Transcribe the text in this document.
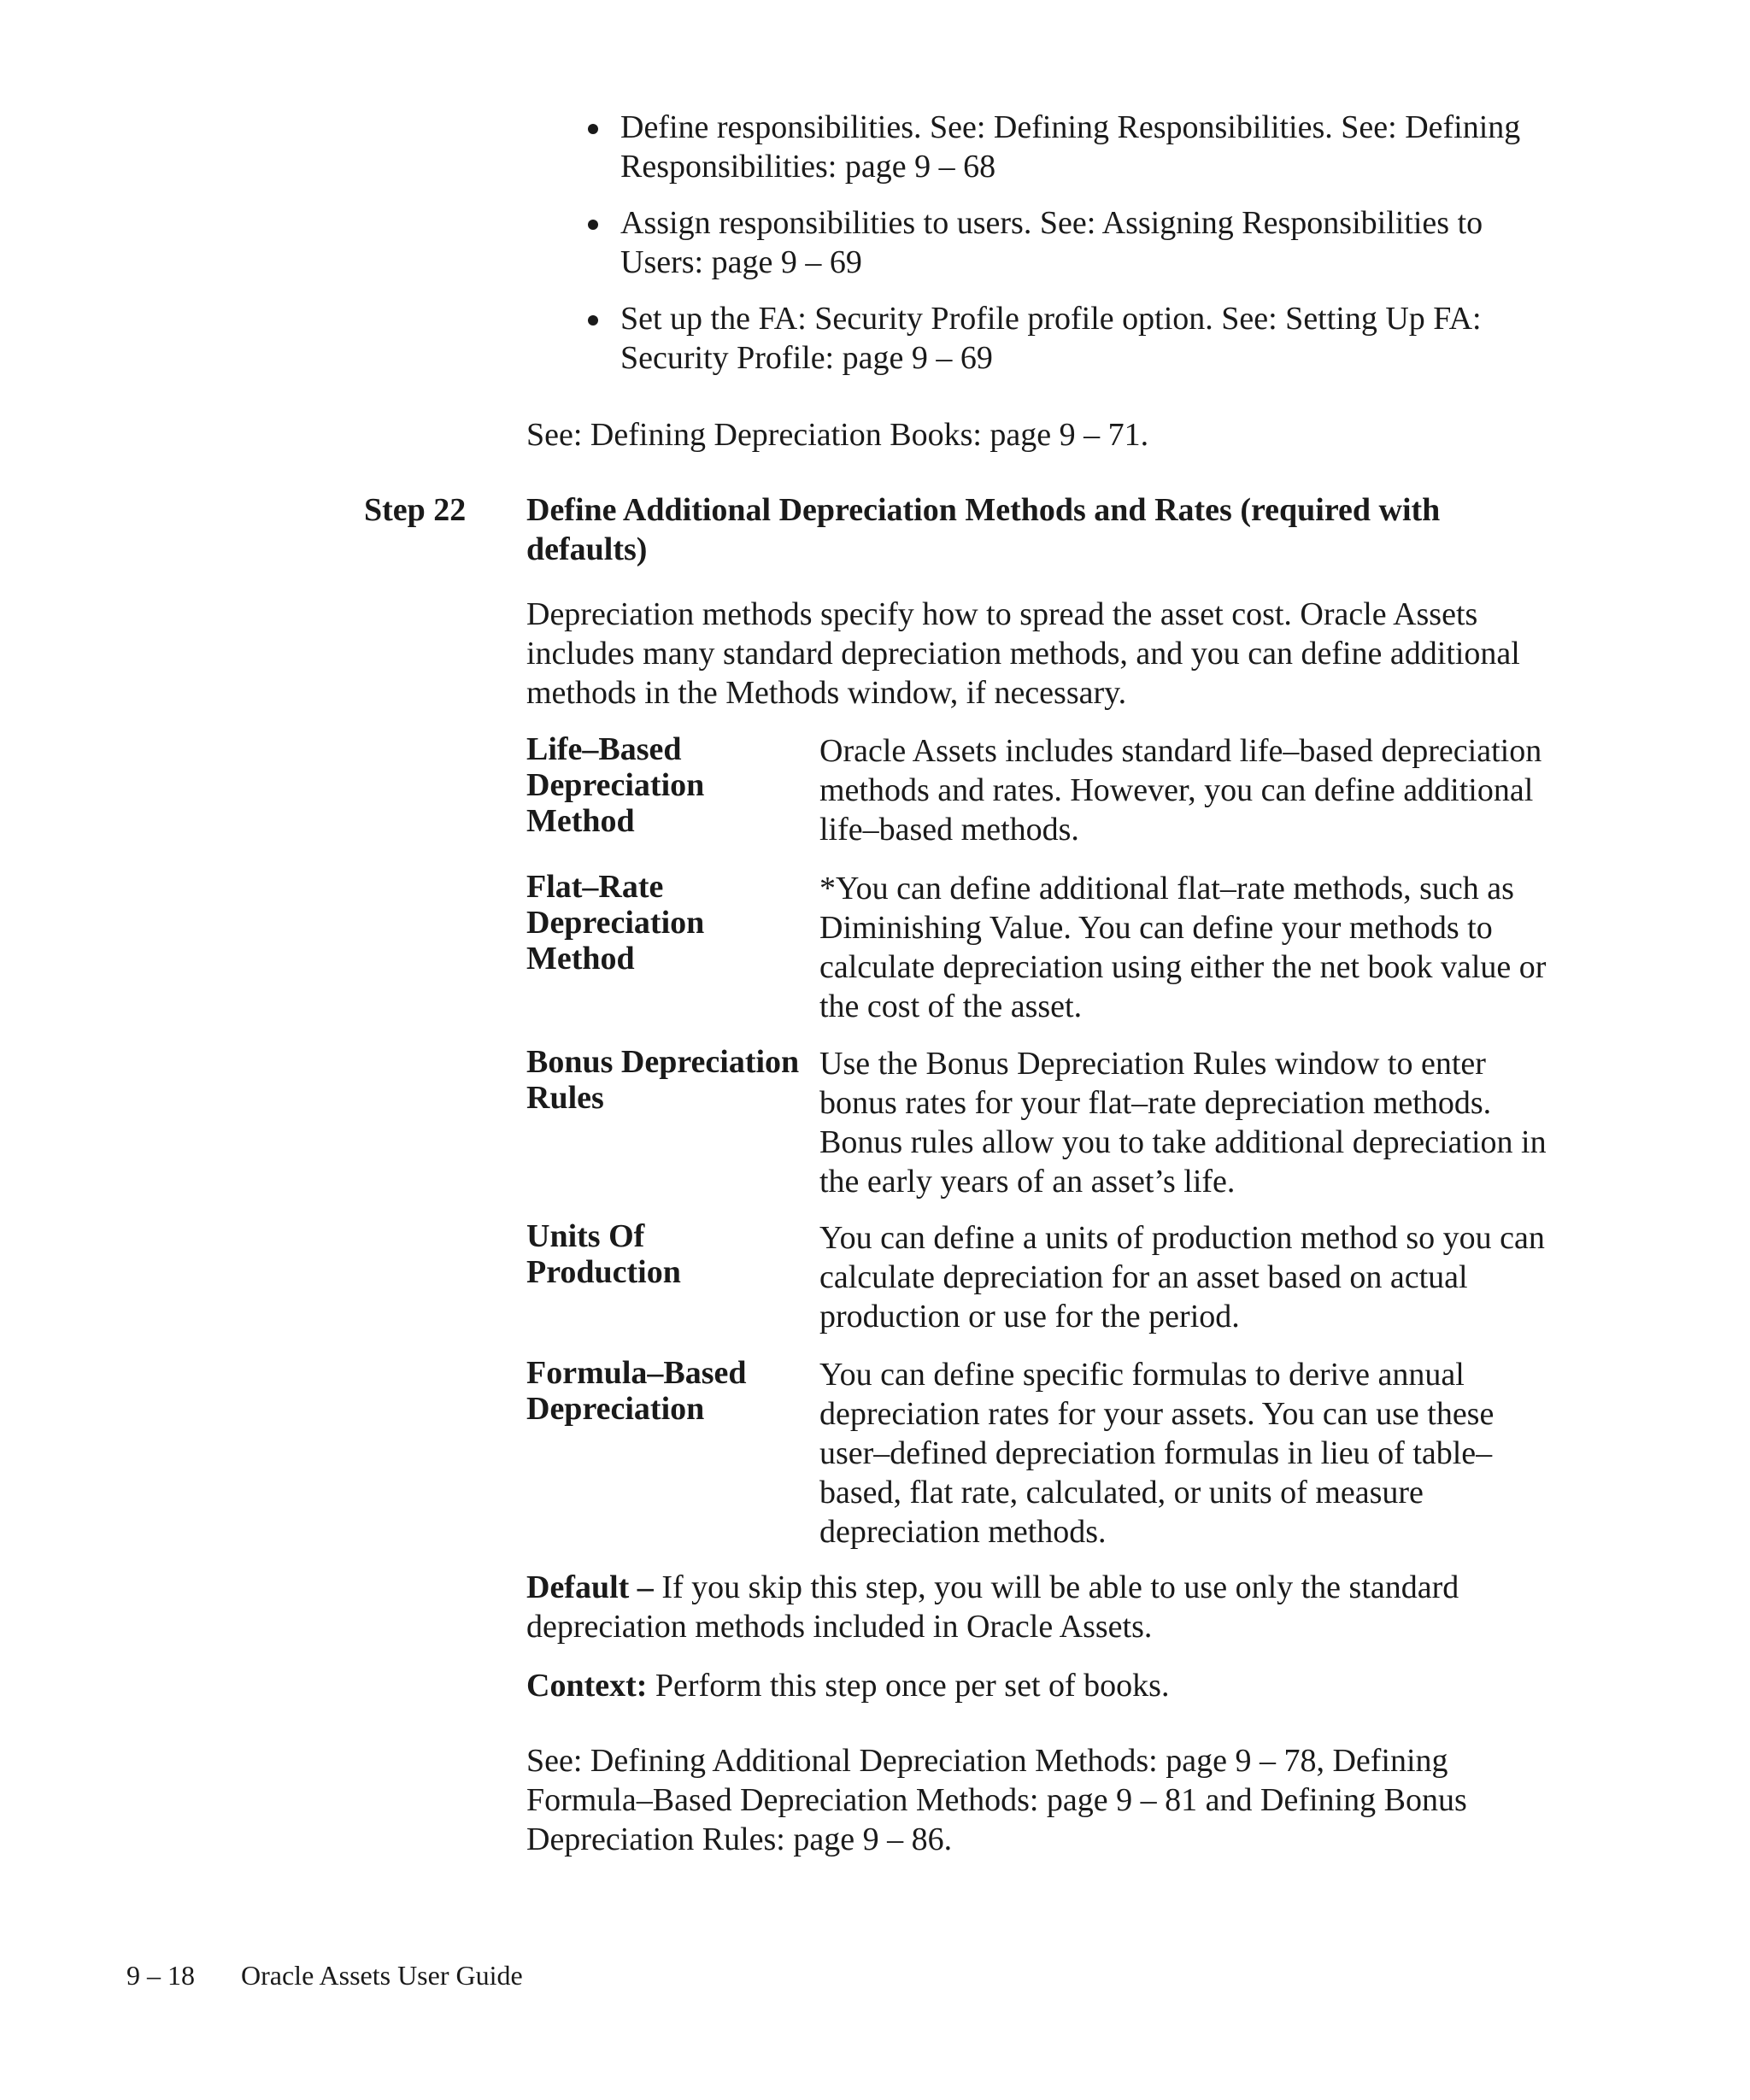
Define responsibilities. See: Defining Responsibilities. See: Defining Responsibilities: page 9 – 68
Assign responsibilities to users. See: Assigning Responsibilities to Users: page 9 – 69
Set up the FA: Security Profile profile option. See: Setting Up FA: Security Profile: page 9 – 69
See: Defining Depreciation Books: page 9 – 71.
Step 22 Define Additional Depreciation Methods and Rates (required with defaults)
Depreciation methods specify how to spread the asset cost. Oracle Assets includes many standard depreciation methods, and you can define additional methods in the Methods window, if necessary.
Life–Based Depreciation Method
Oracle Assets includes standard life–based depreciation methods and rates. However, you can define additional life–based methods.
Flat–Rate Depreciation Method
*You can define additional flat–rate methods, such as Diminishing Value. You can define your methods to calculate depreciation using either the net book value or the cost of the asset.
Bonus Depreciation Rules
Use the Bonus Depreciation Rules window to enter bonus rates for your flat–rate depreciation methods. Bonus rules allow you to take additional depreciation in the early years of an asset’s life.
Units Of Production
You can define a units of production method so you can calculate depreciation for an asset based on actual production or use for the period.
Formula–Based Depreciation
You can define specific formulas to derive annual depreciation rates for your assets. You can use these user–defined depreciation formulas in lieu of table–based, flat rate, calculated, or units of measure depreciation methods.
Default – If you skip this step, you will be able to use only the standard depreciation methods included in Oracle Assets.
Context: Perform this step once per set of books.
See: Defining Additional Depreciation Methods: page 9 – 78, Defining Formula–Based Depreciation Methods: page 9 – 81 and Defining Bonus Depreciation Rules: page 9 – 86.
9 – 18 Oracle Assets User Guide
